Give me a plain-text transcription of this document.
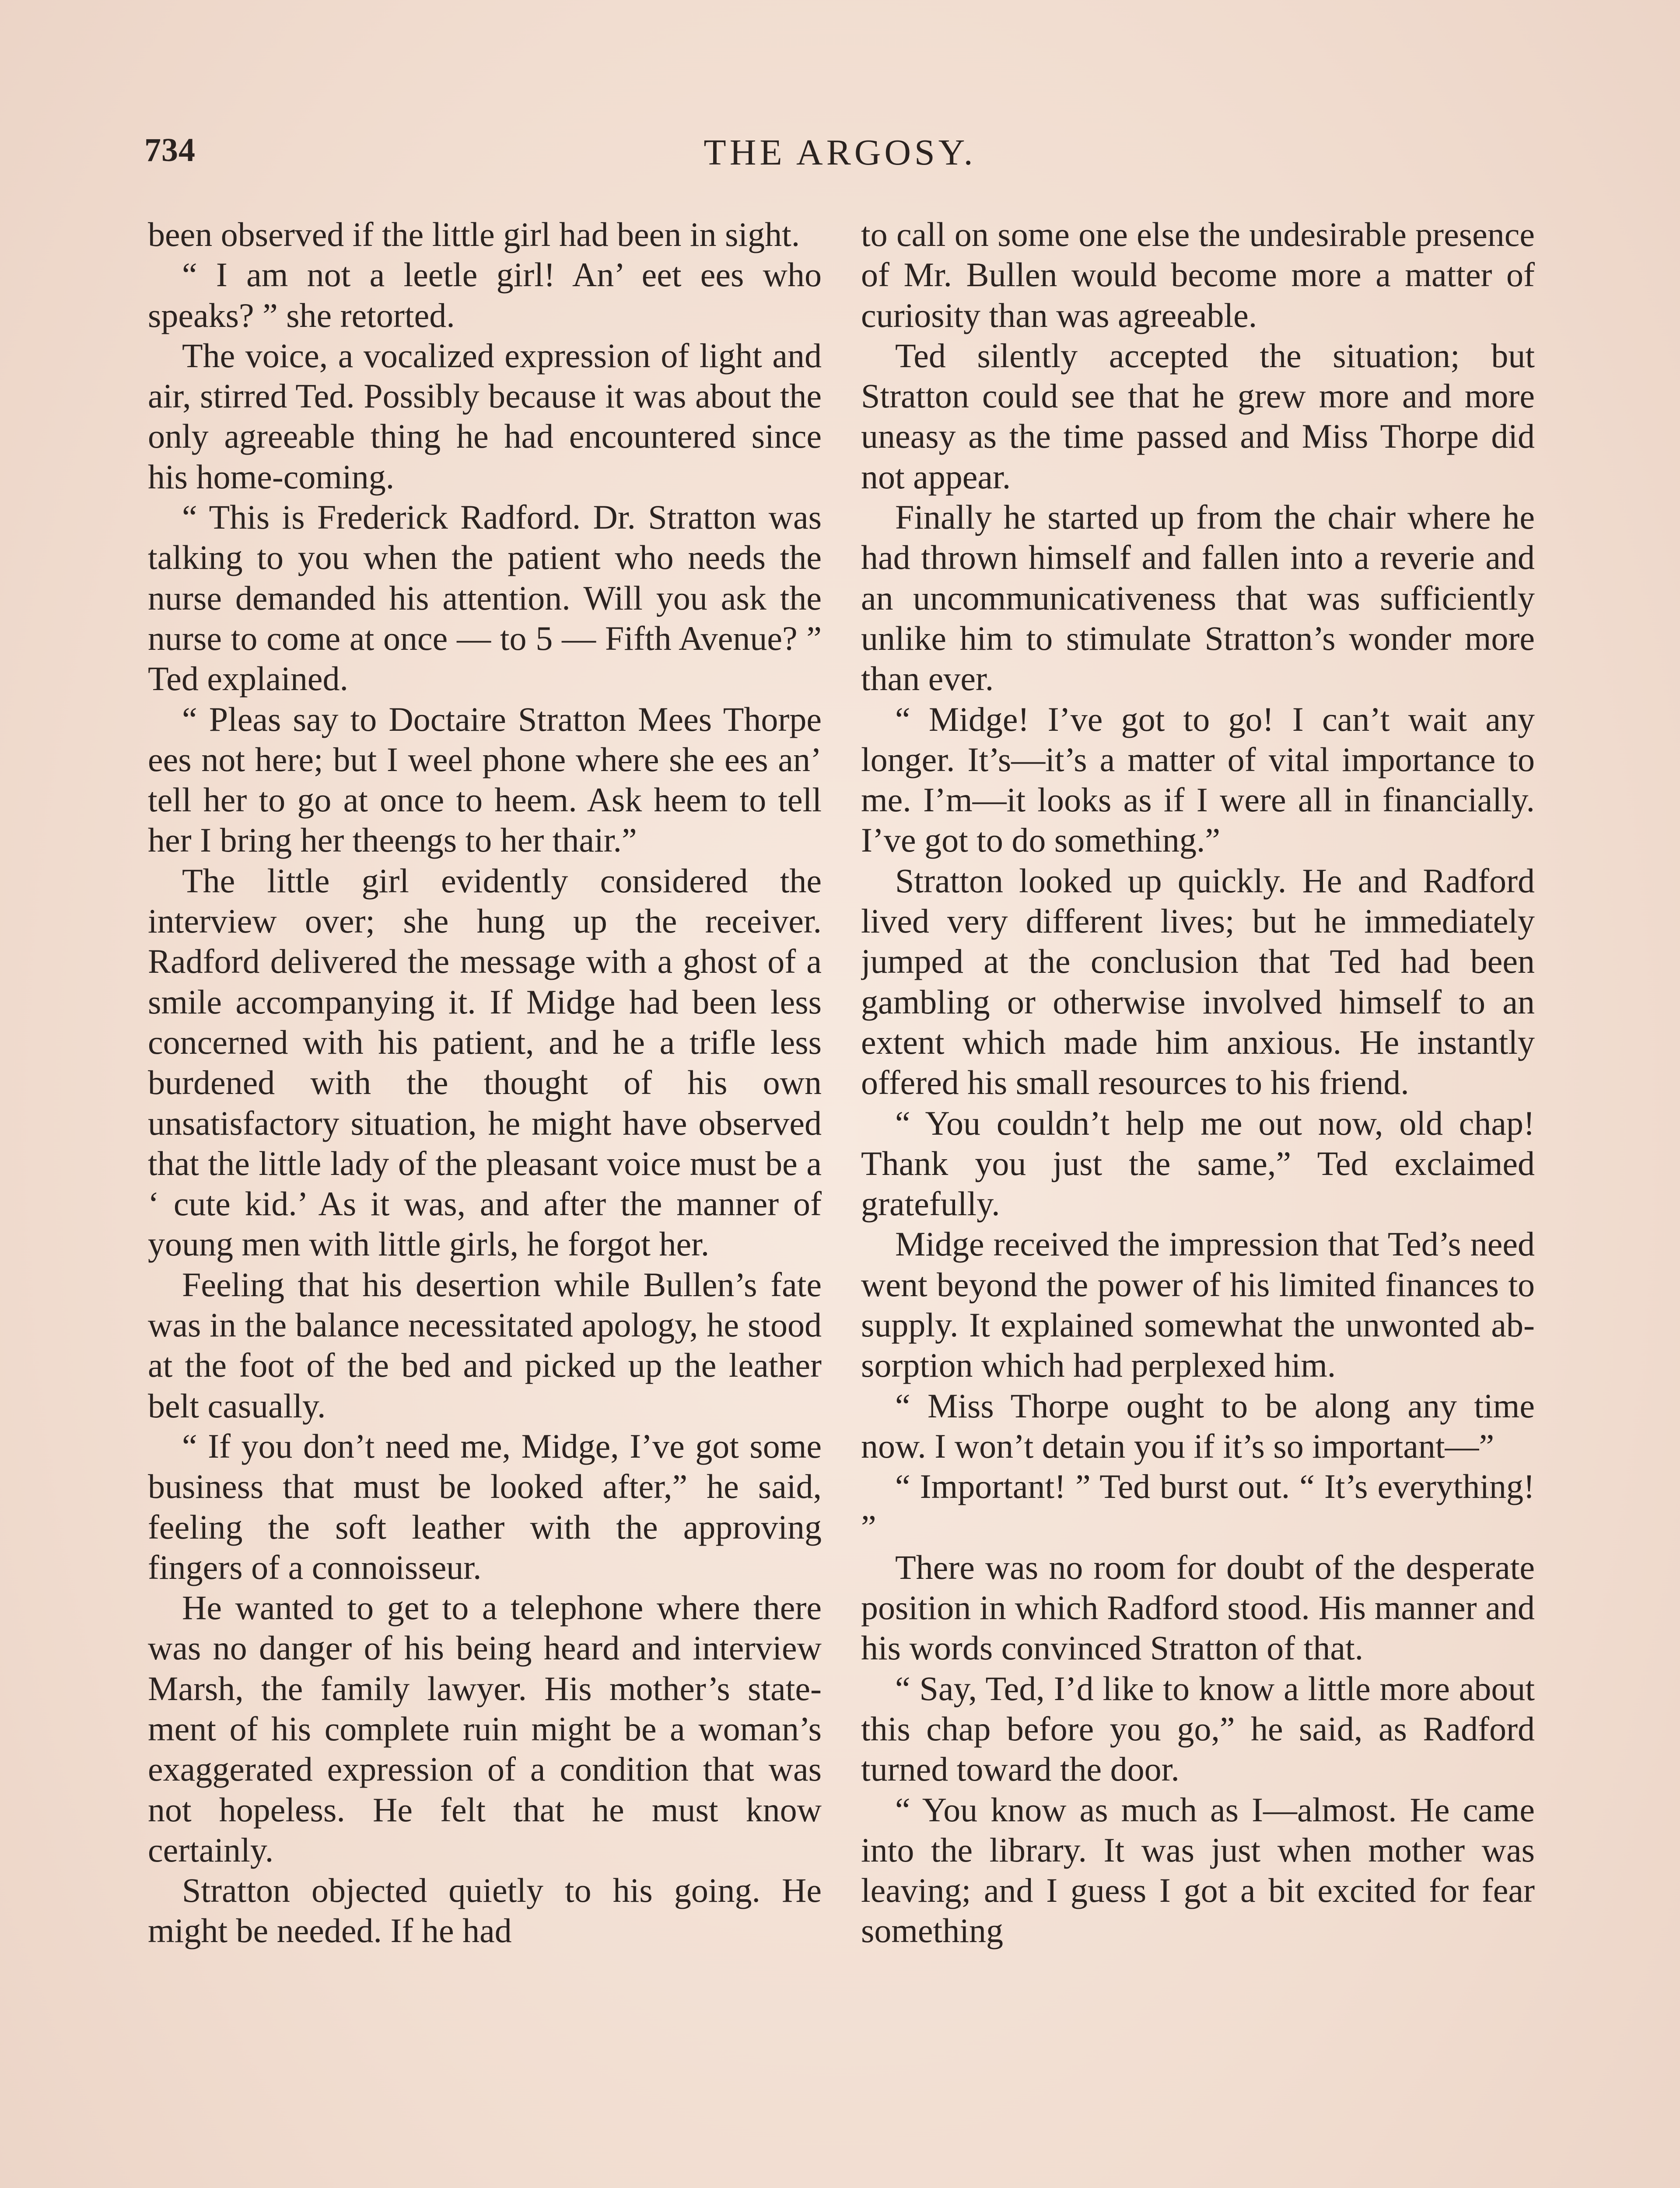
734	THE ARGOSY.

been observed if the little girl had been in sight.

“ I am not a leetle girl! An’ eet ees who speaks? ” she retorted.

The voice, a vocalized expression of light and air, stirred Ted. Possibly because it was about the only agreeable thing he had encountered since his home-coming.

“ This is Frederick Radford. Dr. Stratton was talking to you when the patient who needs the nurse demanded his attention. Will you ask the nurse to come at once — to 5 — Fifth Avenue? ” Ted explained.

“ Pleas say to Doctaire Stratton Mees Thorpe ees not here; but I weel phone where she ees an’ tell her to go at once to heem. Ask heem to tell her I bring her theengs to her thair.”

The little girl evidently considered the interview over; she hung up the receiver. Radford delivered the message with a ghost of a smile accompanying it. If Midge had been less concerned with his patient, and he a trifle less burdened with the thought of his own unsatisfactory situation, he might have observed that the little lady of the pleasant voice must be a ‘ cute kid.’ As it was, and after the manner of young men with little girls, he forgot her.

Feeling that his desertion while Bullen’s fate was in the balance necessitated apology, he stood at the foot of the bed and picked up the leather belt casually.

“ If you don’t need me, Midge, I’ve got some business that must be looked after,” he said, feeling the soft leather with the approving fingers of a connoisseur.

He wanted to get to a telephone where there was no danger of his being heard and interview Marsh, the family lawyer. His mother’s statement of his complete ruin might be a woman’s exaggerated expression of a condition that was not hopeless. He felt that he must know certainly.

Stratton objected quietly to his going. He might be needed. If he had

to call on some one else the undesirable presence of Mr. Bullen would become more a matter of curiosity than was agreeable.

Ted silently accepted the situation; but Stratton could see that he grew more and more uneasy as the time passed and Miss Thorpe did not appear.

Finally he started up from the chair where he had thrown himself and fallen into a reverie and an uncommunicativeness that was sufficiently unlike him to stimulate Stratton’s wonder more than ever.

“ Midge! I’ve got to go! I can’t wait any longer. It’s—it’s a matter of vital importance to me. I’m—it looks as if I were all in financially. I’ve got to do something.”

Stratton looked up quickly. He and Radford lived very different lives; but he immediately jumped at the conclusion that Ted had been gambling or otherwise involved himself to an extent which made him anxious. He instantly offered his small resources to his friend.

“ You couldn’t help me out now, old chap! Thank you just the same,” Ted exclaimed gratefully.

Midge received the impression that Ted’s need went beyond the power of his limited finances to supply. It explained somewhat the unwonted absorption which had perplexed him.

“ Miss Thorpe ought to be along any time now. I won’t detain you if it’s so important—”

“ Important! ” Ted burst out. “ It’s everything! ”

There was no room for doubt of the desperate position in which Radford stood. His manner and his words convinced Stratton of that.

“ Say, Ted, I’d like to know a little more about this chap before you go,” he said, as Radford turned toward the door.

“ You know as much as I—almost. He came into the library. It was just when mother was leaving; and I guess I got a bit excited for fear something
